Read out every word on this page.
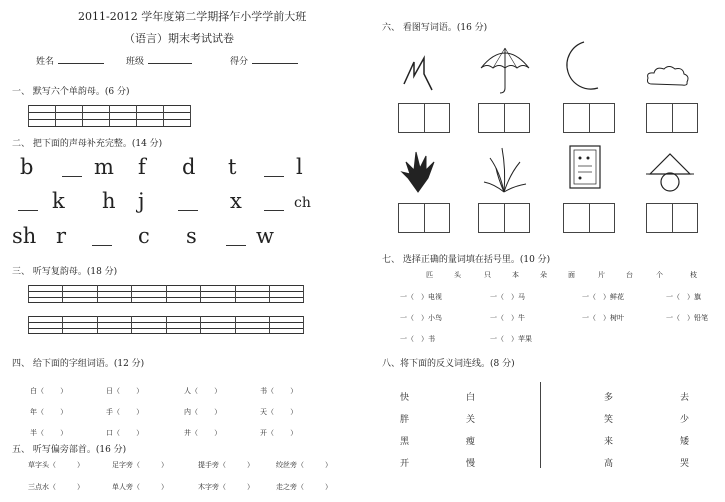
2011-2012 学年度第二学期择乍小学学前大班
（语言）期末考试试卷
姓名	班级	得分
一、 默写六个单韵母。(6 分)
二、 把下面的声母补充完整。(14 分)
b	m f d t	l
k h j	x	ch
sh r	c s	w
三、 听写复韵母。(18 分)
四、 给下面的字组词语。(12 分)
白（　　 ）	日（　　 ）	人（　　 ）	书（　　 ）
年（　　 ）	手（　　 ）	内（　　 ）	天（　　 ）
半（　　 ）	口（　　 ）	井（　　 ）	开（　　 ）
五、 听写偏旁部首。(16 分)
草字头（　　　）	足字旁（　　　）	提手旁（　　　）	绞丝旁（　　　）
三点水（　　　）	单人旁（　　　）	木字旁（　　　）	走之旁（　　　）
六、 看图写词语。(16 分)
七、 选择正确的量词填在括号里。(10 分)
匹	头	只	本	朵	面	片	台	个	枝
一（　）电视	一（　）马	一（　）鲜花	一（　）旗
一（　）小鸟	一（　）牛	一（　）树叶	一（　）铅笔
一（　）书	一（　）苹果
八、将下面的反义词连线。(8 分)
快
胖
黑
开
白
关
瘦
慢
多
笑
来
高
去
少
矮
哭
